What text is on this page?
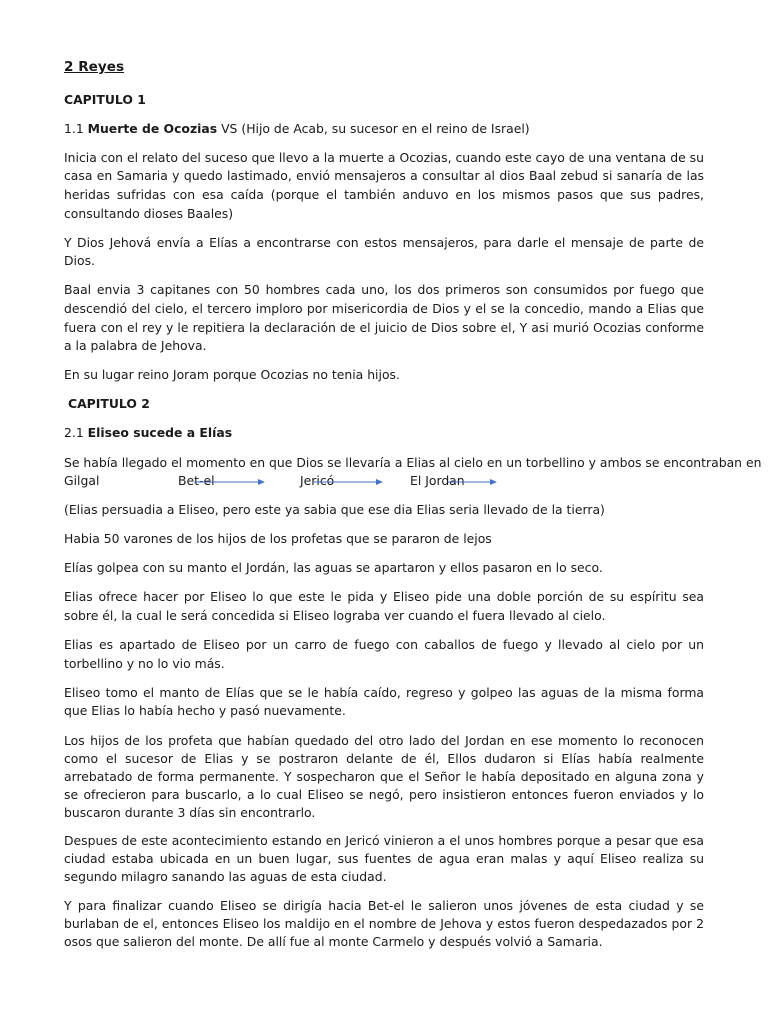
2 Reyes

CAPITULO 1

1.1 Muerte de Ocozias VS (Hijo de Acab, su sucesor en el reino de Israel)

Inicia con el relato del suceso que llevo a la muerte a Ocozias, cuando este cayo de una ventana de su casa en Samaria y quedo lastimado, envió mensajeros a consultar al dios Baal zebud si sanaría de las heridas sufridas con esa caída (porque el también anduvo en los mismos pasos que sus padres, consultando dioses Baales)

Y Dios Jehová envía a Elías a encontrarse con estos mensajeros, para darle el mensaje de parte de Dios.

Baal envia 3 capitanes con 50 hombres cada uno, los dos primeros son consumidos por fuego que descendió del cielo, el tercero imploro por misericordia de Dios y el se la concedio, mando a Elias que fuera con el rey y le repitiera la declaración de el juicio de Dios sobre el, Y asi murió Ocozias conforme a la palabra de Jehova.

En su lugar reino Joram porque Ocozias no tenia hijos.

CAPITULO 2

2.1 Eliseo sucede a Elías

Se había llegado el momento en que Dios se llevaría a Elias al cielo en un torbellino y ambos se encontraban en
Gilgal	Bet-el	Jericó	El Jordan

(Elias persuadia a Eliseo, pero este ya sabia que ese dia Elias seria llevado de la tierra)

Habia 50 varones de los hijos de los profetas que se pararon de lejos

Elías golpea con su manto el Jordán, las aguas se apartaron y ellos pasaron en lo seco.

Elias ofrece hacer por Eliseo lo que este le pida y Eliseo pide una doble porción de su espíritu sea sobre él, la cual le será concedida si Eliseo lograba ver cuando el fuera llevado al cielo.

Elias es apartado de Eliseo por un carro de fuego con caballos de fuego y llevado al cielo por un torbellino y no lo vio más.

Eliseo tomo el manto de Elías que se le había caído, regreso y golpeo las aguas de la misma forma que Elias lo había hecho y pasó nuevamente.

Los hijos de los profeta que habían quedado del otro lado del Jordan en ese momento lo reconocen como el sucesor de Elias y se postraron delante de él, Ellos dudaron si Elías había realmente arrebatado de forma permanente. Y sospecharon que el Señor le había depositado en alguna zona y se ofrecieron para buscarlo, a lo cual Eliseo se negó, pero insistieron entonces fueron enviados y lo buscaron durante 3 días sin encontrarlo.

Despues de este acontecimiento estando en Jericó vinieron a el unos hombres porque a pesar que esa ciudad estaba ubicada en un buen lugar, sus fuentes de agua eran malas y aquí Eliseo realiza su segundo milagro sanando las aguas de esta ciudad.

Y para finalizar cuando Eliseo se dirigía hacia Bet-el le salieron unos jóvenes de esta ciudad y se burlaban de el, entonces Eliseo los maldijo en el nombre de Jehova y estos fueron despedazados por 2 osos que salieron del monte. De allí fue al monte Carmelo y después volvió a Samaria.
